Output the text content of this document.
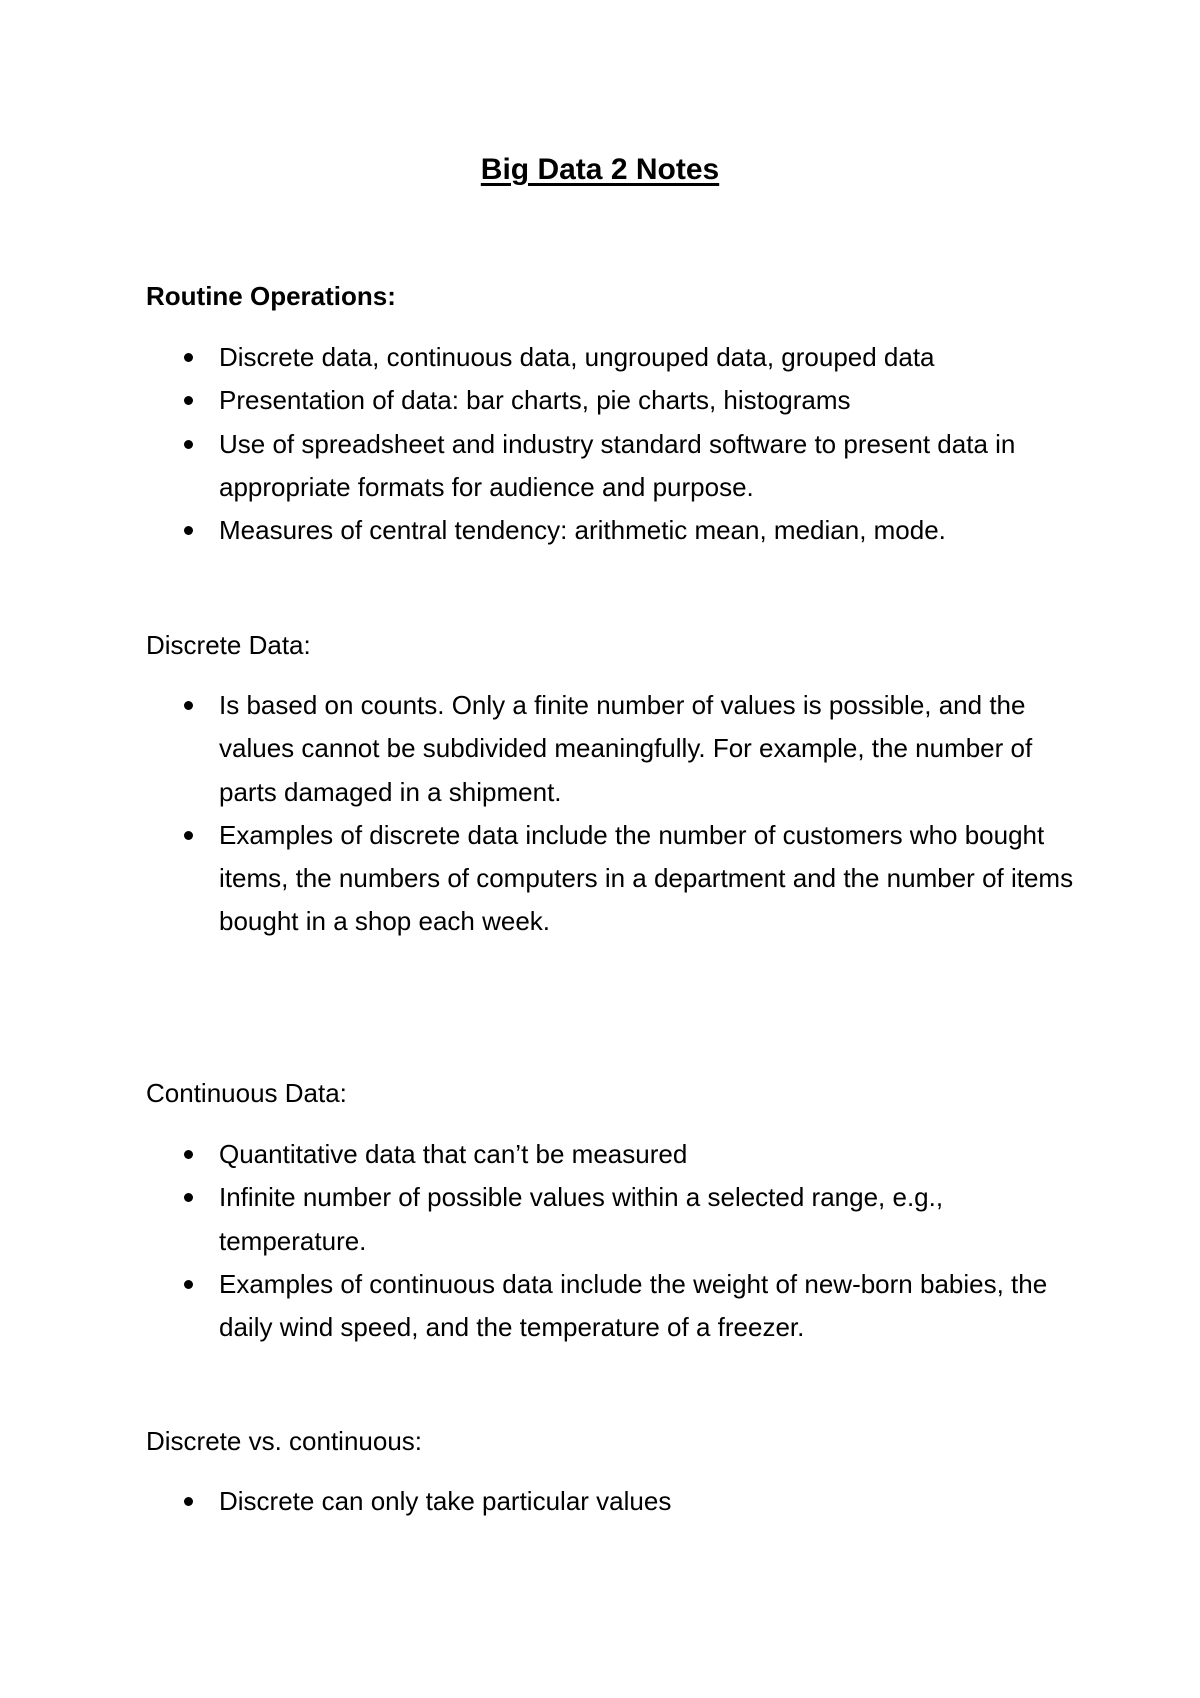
Big Data 2 Notes
Routine Operations:
Discrete data, continuous data, ungrouped data, grouped data
Presentation of data: bar charts, pie charts, histograms
Use of spreadsheet and industry standard software to present data in appropriate formats for audience and purpose.
Measures of central tendency: arithmetic mean, median, mode.
Discrete Data:
Is based on counts. Only a finite number of values is possible, and the values cannot be subdivided meaningfully. For example, the number of parts damaged in a shipment.
Examples of discrete data include the number of customers who bought items, the numbers of computers in a department and the number of items bought in a shop each week.
Continuous Data:
Quantitative data that can’t be measured
Infinite number of possible values within a selected range, e.g., temperature.
Examples of continuous data include the weight of new-born babies, the daily wind speed, and the temperature of a freezer.
Discrete vs. continuous:
Discrete can only take particular values
